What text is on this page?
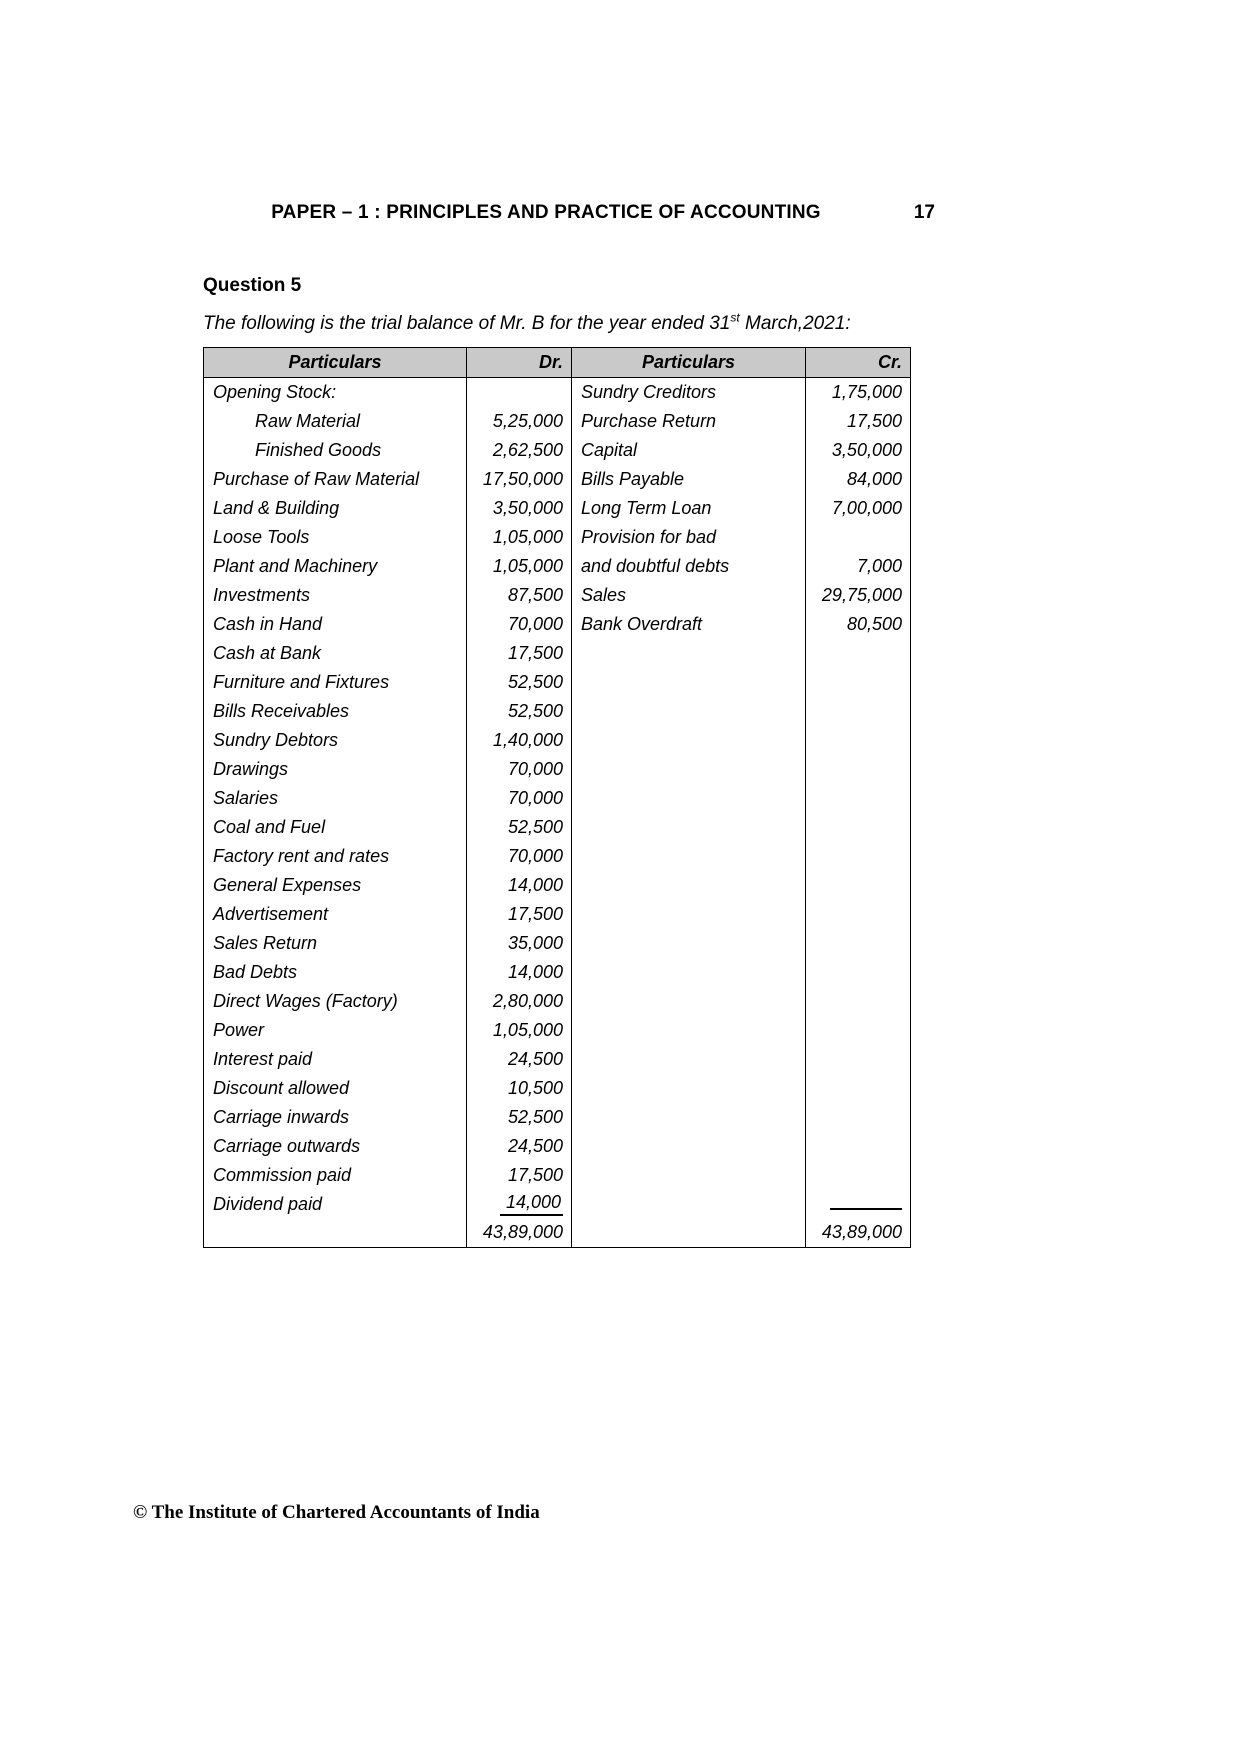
PAPER – 1 : PRINCIPLES AND PRACTICE OF ACCOUNTING	17
Question 5
The following is the trial balance of Mr. B for the year ended 31st March,2021:
Particulars	Dr.	Particulars	Cr.
Opening Stock:		Sundry Creditors	1,75,000
Raw Material	5,25,000	Purchase Return	17,500
Finished Goods	2,62,500	Capital	3,50,000
Purchase of Raw Material	17,50,000	Bills Payable	84,000
Land & Building	3,50,000	Long Term Loan	7,00,000
Loose Tools	1,05,000	Provision for bad	
Plant and Machinery	1,05,000	and doubtful debts	7,000
Investments	87,500	Sales	29,75,000
Cash in Hand	70,000	Bank Overdraft	80,500
Cash at Bank	17,500		
Furniture and Fixtures	52,500		
Bills Receivables	52,500		
Sundry Debtors	1,40,000		
Drawings	70,000		
Salaries	70,000		
Coal and Fuel	52,500		
Factory rent and rates	70,000		
General Expenses	14,000		
Advertisement	17,500		
Sales Return	35,000		
Bad Debts	14,000		
Direct Wages (Factory)	2,80,000		
Power	1,05,000		
Interest paid	24,500		
Discount allowed	10,500		
Carriage inwards	52,500		
Carriage outwards	24,500		
Commission paid	17,500		
Dividend paid	14,000		
	43,89,000		43,89,000
© The Institute of Chartered Accountants of India
